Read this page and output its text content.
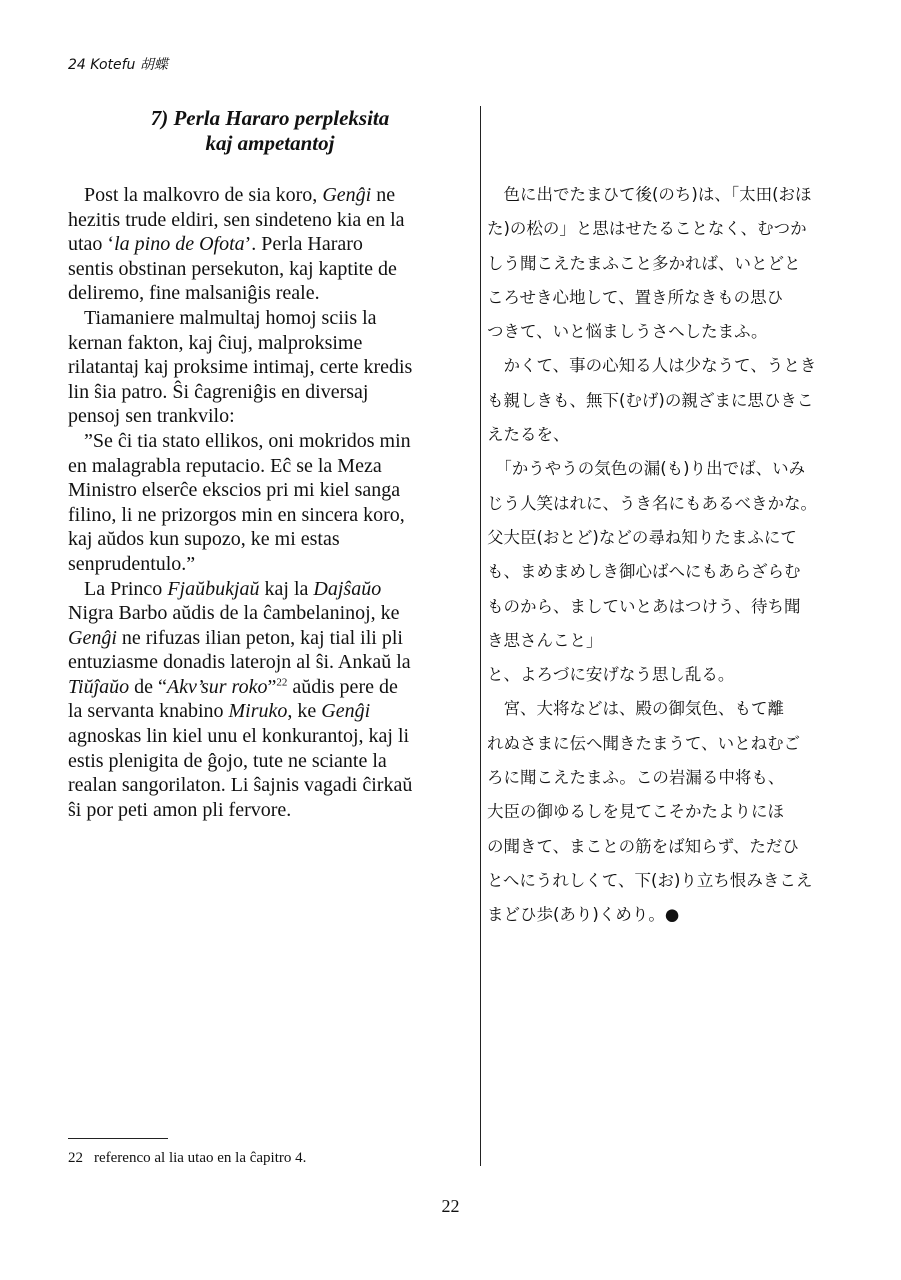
24 Kotefu 胡蝶
7) Perla Hararo perpleksita
kaj ampetantoj

Post la malkovro de sia koro, Genĝi ne
hezitis trude eldiri, sen sindeteno kia en la
utao ‘la pino de Ofota’. Perla Hararo
sentis obstinan persekuton, kaj kaptite de
deliremo, fine malsaniĝis reale.

Tiamaniere malmultaj homoj sciis la
kernan fakton, kaj ĉiuj, malproksime
rilatantaj kaj proksime intimaj, certe kredis
lin ŝia patro. Ŝi ĉagreniĝis en diversaj
pensoj sen trankvilo:

”Se ĉi tia stato ellikos, oni mokridos min
en malagrabla reputacio. Eĉ se la Meza
Ministro elserĉe ekscios pri mi kiel sanga
filino, li ne prizorgos min en sincera koro,
kaj aŭdos kun supozo, ke mi estas
senprudentulo.”

La Princo Fjaŭbukjaŭ kaj la Dajŝaŭo
Nigra Barbo aŭdis de la ĉambelaninoj, ke
Genĝi ne rifuzas ilian peton, kaj tial ili pli
entuziasme donadis laterojn al ŝi. Ankaŭ la
Tiŭĵaŭo de “Akv’sur roko”$^{22}$ aŭdis pere de
la servanta knabino Miruko, ke Genĝi
agnoskas lin kiel unu el konkurantoj, kaj li
estis plenigita de ĝojo, tute ne sciante la
realan sangorilaton. Li ŝajnis vagadi ĉirkaŭ
ŝi por peti amon pli fervore.

　色に出でたまひて後(のち)は、「太田(おほ
た)の松の」と思はせたることなく、むつか
しう聞こえたまふこと多かれば、いとどと
ころせき心地して、置き所なきもの思ひ
つきて、いと悩ましうさへしたまふ。

　かくて、事の心知る人は少なうて、うとき
も親しきも、無下(むげ)の親ざまに思ひきこ
えたるを、

　「かうやうの気色の漏(も)り出でば、いみ
じう人笑はれに、うき名にもあるべきかな。
父大臣(おとど)などの尋ね知りたまふにて
も、まめまめしき御心ばへにもあらざらむ
ものから、ましていとあはつけう、待ち聞
き思さんこと」

と、よろづに安げなう思し乱る。

　宮、大将などは、殿の御気色、もて離
れぬさまに伝へ聞きたまうて、いとねむご
ろに聞こえたまふ。この岩漏る中将も、
大臣の御ゆるしを見てこそかたよりにほ
の聞きて、まことの筋をば知らず、ただひ
とへにうれしくて、下(お)り立ち恨みきこえ
まどひ歩(あり)くめり。●

22 referenco al lia utao en la ĉapitro 4.
22
